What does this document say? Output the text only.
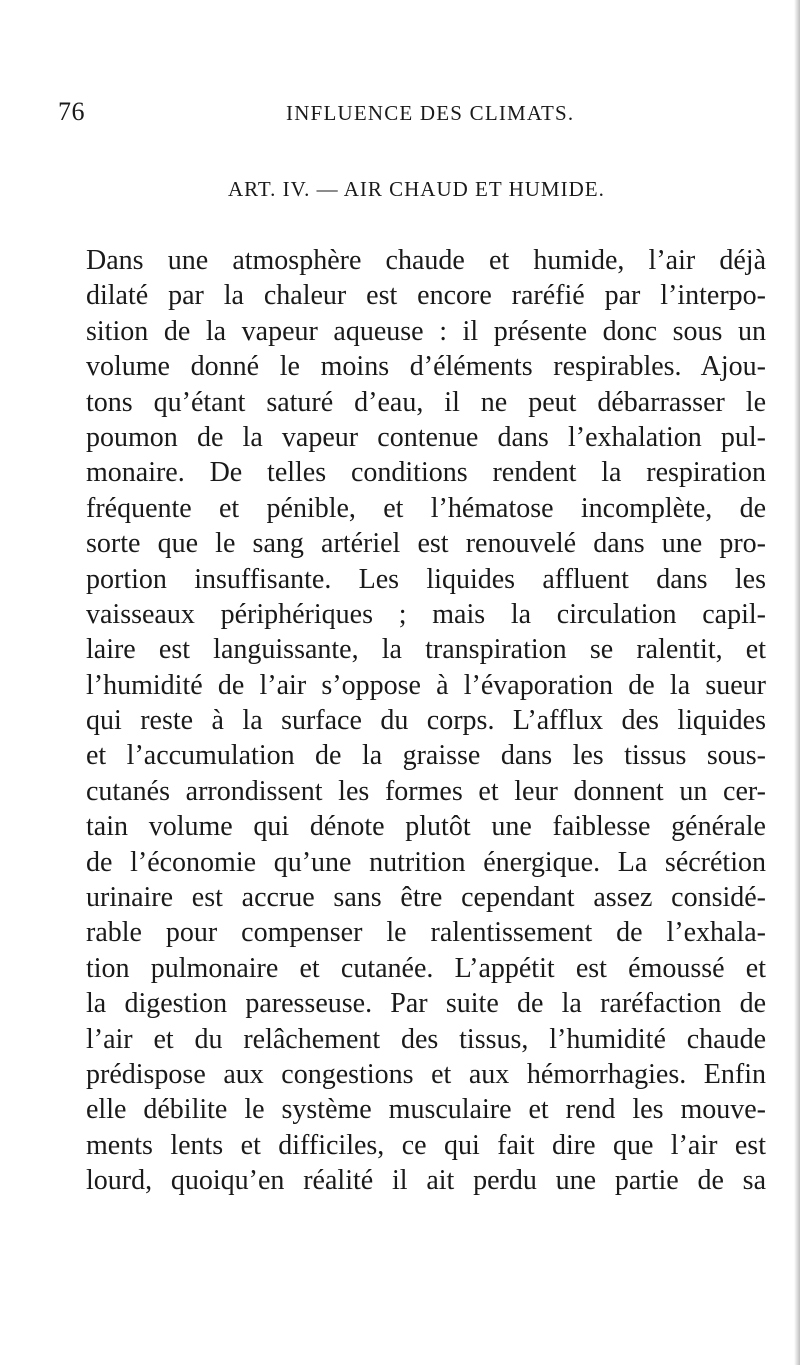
76	INFLUENCE DES CLIMATS.
ART. IV. — AIR CHAUD ET HUMIDE.
Dans une atmosphère chaude et humide, l’air déjà
dilaté par la chaleur est encore raréfié par l’interpo-
sition de la vapeur aqueuse : il présente donc sous un
volume donné le moins d’éléments respirables. Ajou-
tons qu’étant saturé d’eau, il ne peut débarrasser le
poumon de la vapeur contenue dans l’exhalation pul-
monaire. De telles conditions rendent la respiration
fréquente et pénible, et l’hématose incomplète, de
sorte que le sang artériel est renouvelé dans une pro-
portion insuffisante. Les liquides affluent dans les
vaisseaux périphériques ; mais la circulation capil-
laire est languissante, la transpiration se ralentit, et
l’humidité de l’air s’oppose à l’évaporation de la sueur
qui reste à la surface du corps. L’afflux des liquides
et l’accumulation de la graisse dans les tissus sous-
cutanés arrondissent les formes et leur donnent un cer-
tain volume qui dénote plutôt une faiblesse générale
de l’économie qu’une nutrition énergique. La sécrétion
urinaire est accrue sans être cependant assez considé-
rable pour compenser le ralentissement de l’exhala-
tion pulmonaire et cutanée. L’appétit est émoussé et
la digestion paresseuse. Par suite de la raréfaction de
l’air et du relâchement des tissus, l’humidité chaude
prédispose aux congestions et aux hémorrhagies. Enfin
elle débilite le système musculaire et rend les mouve-
ments lents et difficiles, ce qui fait dire que l’air est
lourd, quoiqu’en réalité il ait perdu une partie de sa
